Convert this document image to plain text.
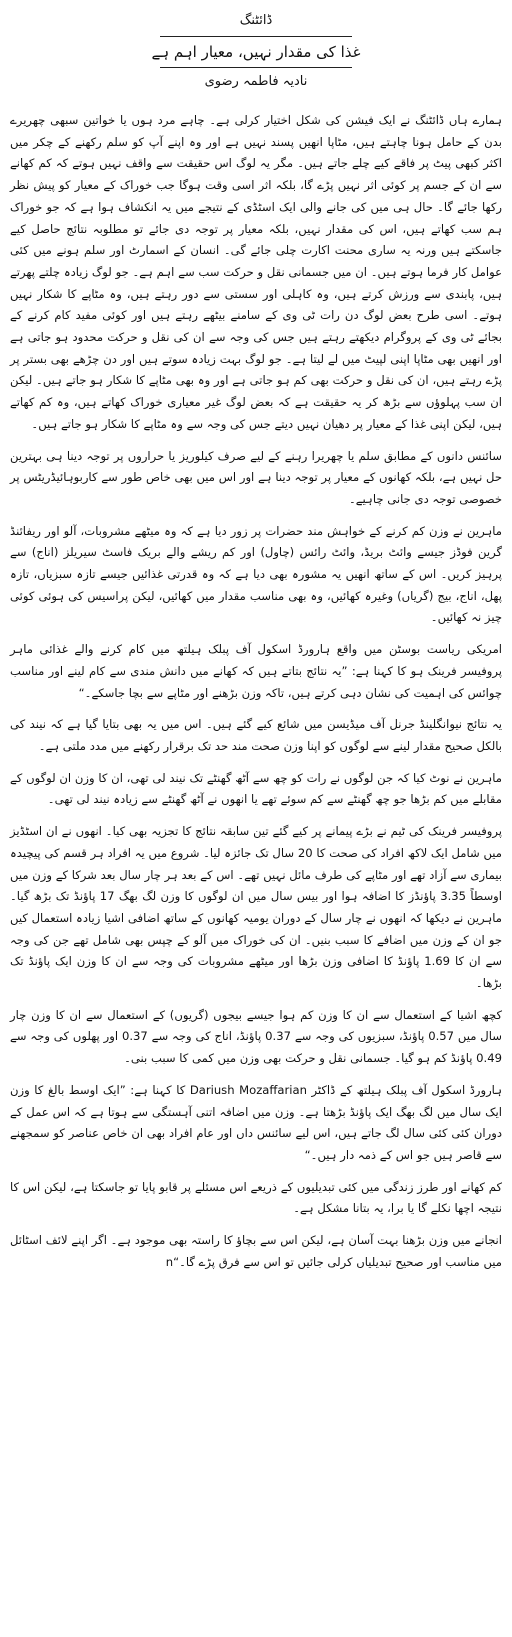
ڈائٹنگ
غذا کی مقدار نہیں، معیار اہم ہے
نادیہ فاطمہ رضوی

ہمارے ہاں ڈائٹنگ نے ایک فیشن کی شکل اختیار کرلی ہے۔ چاہے مرد ہوں یا خواتین سبھی چھریرے بدن کے حامل ہونا چاہتے ہیں، مٹاپا انھیں پسند نہیں ہے اور وہ اپنے آپ کو سلم رکھنے کے چکر میں اکثر کبھی پیٹ پر فاقے کیے چلے جاتے ہیں۔ مگر یہ لوگ اس حقیقت سے واقف نہیں ہوتے کہ کم کھانے سے ان کے جسم پر کوئی اثر نہیں پڑے گا، بلکہ اثر اسی وقت ہوگا جب خوراک کے معیار کو پیش نظر رکھا جائے گا۔ حال ہی میں کی جانے والی ایک اسٹڈی کے نتیجے میں یہ انکشاف ہوا ہے کہ جو خوراک ہم سب کھاتے ہیں، اس کی مقدار نہیں، بلکہ معیار پر توجہ دی جائے تو مطلوبہ نتائج حاصل کیے جاسکتے ہیں ورنہ یہ ساری محنت اکارت چلی جائے گی۔ انسان کے اسمارٹ اور سلم ہونے میں کئی عوامل کار فرما ہوتے ہیں۔ ان میں جسمانی نقل و حرکت سب سے اہم ہے۔ جو لوگ زیادہ چلتے پھرتے ہیں، پابندی سے ورزش کرتے ہیں، وہ کاہلی اور سستی سے دور رہتے ہیں، وہ مٹاپے کا شکار نہیں ہوتے۔ اسی طرح بعض لوگ دن رات ٹی وی کے سامنے بیٹھے رہتے ہیں اور کوئی مفید کام کرنے کے بجائے ٹی وی کے پروگرام دیکھتے رہتے ہیں جس کی وجہ سے ان کی نقل و حرکت محدود ہو جاتی ہے اور انھیں بھی مٹاپا اپنی لپیٹ میں لے لیتا ہے۔ جو لوگ بہت زیادہ سوتے ہیں اور دن چڑھے بھی بستر پر پڑے رہتے ہیں، ان کی نقل و حرکت بھی کم ہو جاتی ہے اور وہ بھی مٹاپے کا شکار ہو جاتے ہیں۔ لیکن ان سب پہلوؤں سے بڑھ کر یہ حقیقت ہے کہ بعض لوگ غیر معیاری خوراک کھاتے ہیں، وہ کم کھاتے ہیں، لیکن اپنی غذا کے معیار پر دھیان نہیں دیتے جس کی وجہ سے وہ مٹاپے کا شکار ہو جاتے ہیں۔

سائنس دانوں کے مطابق سلم یا چھریرا رہنے کے لیے صرف کیلوریز یا حراروں پر توجہ دینا ہی بہترین حل نہیں ہے، بلکہ کھانوں کے معیار پر توجہ دینا ہے اور اس میں بھی خاص طور سے کاربوہائیڈریٹس پر خصوصی توجہ دی جانی چاہیے۔

ماہرین نے وزن کم کرنے کے خواہش مند حضرات پر زور دیا ہے کہ وہ میٹھے مشروبات، آلو اور ریفائنڈ گرین فوڈز جیسے وائٹ بریڈ، وائٹ رائس (چاول) اور کم ریشے والے بریک فاسٹ سیریلز (اناج) سے پرہیز کریں۔ اس کے ساتھ انھیں یہ مشورہ بھی دیا ہے کہ وہ قدرتی غذائیں جیسے تازہ سبزیاں، تازہ پھل، اناج، بیج (گریاں) وغیرہ کھائیں، وہ بھی مناسب مقدار میں کھائیں، لیکن پراسیس کی ہوئی کوئی چیز نہ کھائیں۔

امریکی ریاست بوسٹن میں واقع ہارورڈ اسکول آف پبلک ہیلتھ میں کام کرنے والے غذائی ماہر پروفیسر فرینک ہو کا کہنا ہے: ”یہ نتائج بتاتے ہیں کہ کھانے میں دانش مندی سے کام لینے اور مناسب چوائس کی اہمیت کی نشان دہی کرتے ہیں، تاکہ وزن بڑھنے اور مٹاپے سے بچا جاسکے۔“

یہ نتائج نیوانگلینڈ جرنل آف میڈیسن میں شائع کیے گئے ہیں۔ اس میں یہ بھی بتایا گیا ہے کہ نیند کی بالکل صحیح مقدار لینے سے لوگوں کو اپنا وزن صحت مند حد تک برقرار رکھنے میں مدد ملتی ہے۔

ماہرین نے نوٹ کیا کہ جن لوگوں نے رات کو چھ سے آٹھ گھنٹے تک نیند لی تھی، ان کا وزن ان لوگوں کے مقابلے میں کم بڑھا جو چھ گھنٹے سے کم سوئے تھے یا انھوں نے آٹھ گھنٹے سے زیادہ نیند لی تھی۔

پروفیسر فرینک کی ٹیم نے بڑے پیمانے پر کیے گئے تین سابقہ نتائج کا تجزیہ بھی کیا۔ انھوں نے ان اسٹڈیز میں شامل ایک لاکھ افراد کی صحت کا 20 سال تک جائزہ لیا۔ شروع میں یہ افراد ہر قسم کی پیچیدہ بیماری سے آزاد تھے اور مٹاپے کی طرف مائل نہیں تھے۔ اس کے بعد ہر چار سال بعد شرکا کے وزن میں اوسطاً 3.35 پاؤنڈز کا اضافہ ہوا اور بیس سال میں ان لوگوں کا وزن لگ بھگ 17 پاؤنڈ تک بڑھ گیا۔ ماہرین نے دیکھا کہ انھوں نے چار سال کے دوران یومیہ کھانوں کے ساتھ اضافی اشیا زیادہ استعمال کیں جو ان کے وزن میں اضافے کا سبب بنیں۔ ان کی خوراک میں آلو کے چپس بھی شامل تھے جن کی وجہ سے ان کا 1.69 پاؤنڈ کا اضافی وزن بڑھا اور میٹھے مشروبات کی وجہ سے ان کا وزن ایک پاؤنڈ تک بڑھا۔

کچھ اشیا کے استعمال سے ان کا وزن کم ہوا جیسے بیجوں (گریوں) کے استعمال سے ان کا وزن چار سال میں 0.57 پاؤنڈ، سبزیوں کی وجہ سے 0.37 پاؤنڈ، اناج کی وجہ سے 0.37 اور پھلوں کی وجہ سے 0.49 پاؤنڈ کم ہو گیا۔ جسمانی نقل و حرکت بھی وزن میں کمی کا سبب بنی۔

ہارورڈ اسکول آف پبلک ہیلتھ کے ڈاکٹر Dariush Mozaffarian کا کہنا ہے: ”ایک اوسط بالغ کا وزن ایک سال میں لگ بھگ ایک پاؤنڈ بڑھتا ہے۔ وزن میں اضافہ اتنی آہستگی سے ہوتا ہے کہ اس عمل کے دوران کئی کئی سال لگ جاتے ہیں، اس لیے سائنس داں اور عام افراد بھی ان خاص عناصر کو سمجھنے سے قاصر ہیں جو اس کے ذمہ دار ہیں۔“

کم کھانے اور طرز زندگی میں کئی تبدیلیوں کے ذریعے اس مسئلے پر قابو پایا تو جاسکتا ہے، لیکن اس کا نتیجہ اچھا نکلے گا یا برا، یہ بتانا مشکل ہے۔

انجانے میں وزن بڑھنا بہت آسان ہے، لیکن اس سے بچاؤ کا راستہ بھی موجود ہے۔ اگر اپنے لائف اسٹائل میں مناسب اور صحیح تبدیلیاں کرلی جائیں تو اس سے فرق پڑے گا۔“n
